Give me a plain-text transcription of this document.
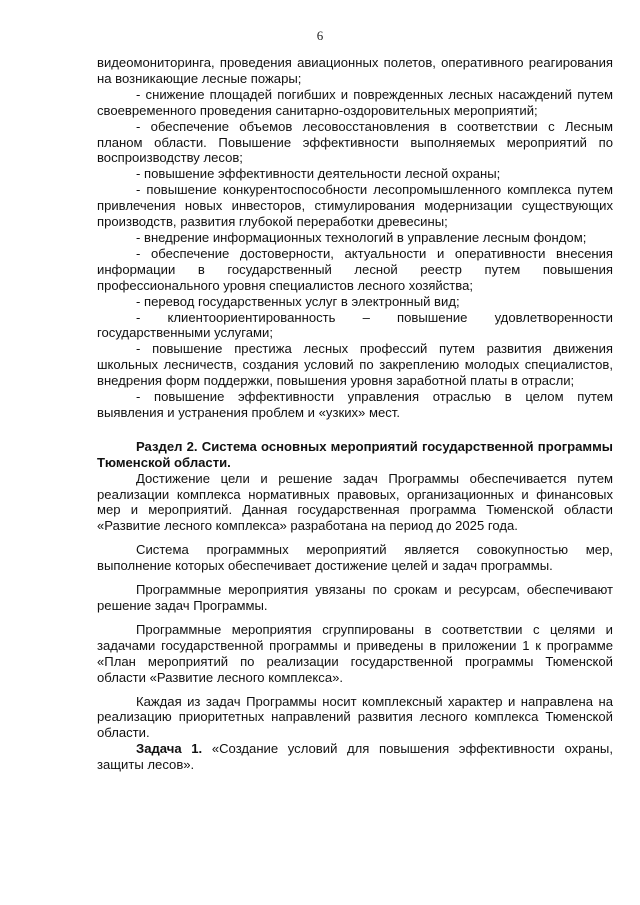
6

видеомониторинга, проведения авиационных полетов, оперативного реагирования на возникающие лесные пожары;

- снижение площадей погибших и поврежденных лесных насаждений путем своевременного проведения санитарно-оздоровительных мероприятий;

- обеспечение объемов лесовосстановления в соответствии с Лесным планом области. Повышение эффективности выполняемых мероприятий по воспроизводству лесов;

- повышение эффективности деятельности лесной охраны;

- повышение конкурентоспособности лесопромышленного комплекса путем привлечения новых инвесторов, стимулирования модернизации существующих производств, развития глубокой переработки древесины;

- внедрение информационных технологий в управление лесным фондом;

- обеспечение достоверности, актуальности и оперативности внесения информации в государственный лесной реестр путем повышения профессионального уровня специалистов лесного хозяйства;

- перевод государственных услуг в электронный вид;

- клиентоориентированность – повышение удовлетворенности государственными услугами;

- повышение престижа лесных профессий путем развития движения школьных лесничеств, создания условий по закреплению молодых специалистов, внедрения форм поддержки, повышения уровня заработной платы в отрасли;

- повышение эффективности управления отраслью в целом путем выявления и устранения проблем и «узких» мест.

Раздел 2. Система основных мероприятий государственной программы Тюменской области.

Достижение цели и решение задач Программы обеспечивается путем реализации комплекса нормативных правовых, организационных и финансовых мер и мероприятий. Данная государственная программа Тюменской области «Развитие лесного комплекса» разработана на период до 2025 года.

Система программных мероприятий является совокупностью мер, выполнение которых обеспечивает достижение целей и задач программы.

Программные мероприятия увязаны по срокам и ресурсам, обеспечивают решение задач Программы.

Программные мероприятия сгруппированы в соответствии с целями и задачами государственной программы и приведены в приложении 1 к программе «План мероприятий по реализации государственной программы Тюменской области «Развитие лесного комплекса».

Каждая из задач Программы носит комплексный характер и направлена на реализацию приоритетных направлений развития лесного комплекса Тюменской области.

Задача 1. «Создание условий для повышения эффективности охраны, защиты лесов».
